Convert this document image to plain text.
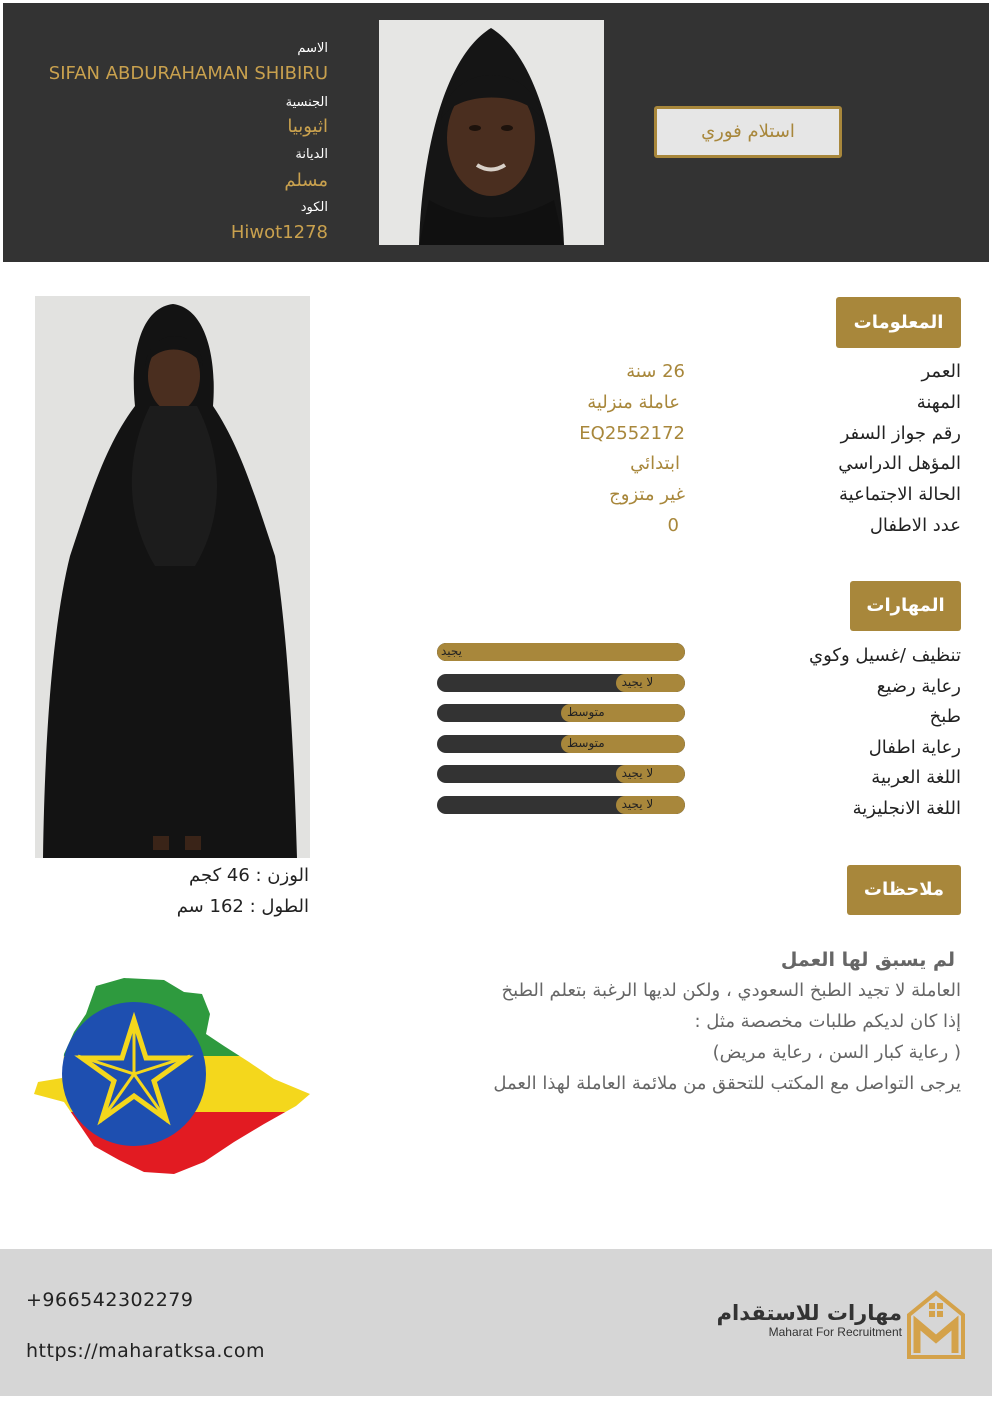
الاسم
SIFAN ABDURAHAMAN SHIBIRU
الجنسية
اثيوبيا
الديانة
مسلم
الكود
Hiwot1278
استلام فوري
المعلومات
العمر
26 سنة
المهنة
عاملة منزلية
رقم جواز السفر
EQ2552172
المؤهل الدراسي
ابتدائي
الحالة الاجتماعية
غير متزوج
عدد الاطفال
0
المهارات
تنظيف /غسيل وكوي
يجيد
رعاية رضيع
لا يجيد
طبخ
متوسط
رعاية اطفال
متوسط
اللغة العربية
لا يجيد
اللغة الانجليزية
لا يجيد
ملاحظات
لم يسبق لها العمل
العاملة لا تجيد الطبخ السعودي ، ولكن لديها الرغبة بتعلم الطبخ
إذا كان لديكم طلبات مخصصة مثل :
( رعاية كبار السن ، رعاية مريض)
يرجى التواصل مع المكتب للتحقق من ملائمة العاملة لهذا العمل
الوزن : 46 كجم
الطول : 162 سم
+966542302279
https://maharatksa.com
مهارات للاستقدام
Maharat For Recruitment
